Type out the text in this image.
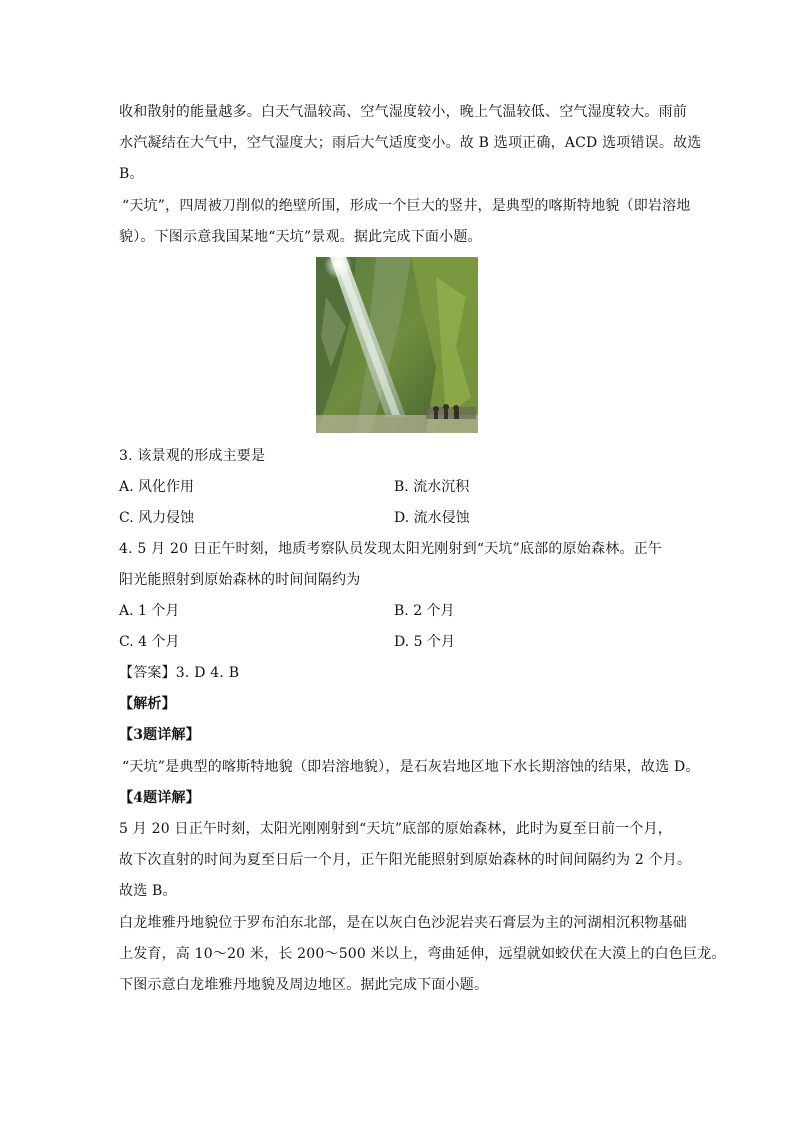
收和散射的能量越多。白天气温较高、空气湿度较小，晚上气温较低、空气湿度较大。雨前
水汽凝结在大气中，空气湿度大；雨后大气适度变小。故 B 选项正确，ACD 选项错误。故选
B。
“天坑”，四周被刀削似的绝壁所围，形成一个巨大的竖井，是典型的喀斯特地貌（即岩溶地
貌）。下图示意我国某地“天坑”景观。据此完成下面小题。
3. 该景观的形成主要是
A. 风化作用	B. 流水沉积
C. 风力侵蚀	D. 流水侵蚀
4. 5 月 20 日正午时刻，地质考察队员发现太阳光刚射到“天坑”底部的原始森林。正午
阳光能照射到原始森林的时间间隔约为
A. 1 个月	B. 2 个月
C. 4 个月	D. 5 个月
【答案】3. D 4. B
【解析】
【3题详解】
“天坑”是典型的喀斯特地貌（即岩溶地貌），是石灰岩地区地下水长期溶蚀的结果，故选 D。
【4题详解】
5 月 20 日正午时刻，太阳光刚刚射到“天坑”底部的原始森林，此时为夏至日前一个月，
故下次直射的时间为夏至日后一个月，正午阳光能照射到原始森林的时间间隔约为 2 个月。
故选 B。
白龙堆雅丹地貌位于罗布泊东北部，是在以灰白色沙泥岩夹石膏层为主的河湖相沉积物基础
上发育，高 10～20 米，长 200～500 米以上，弯曲延伸，远望就如蛟伏在大漠上的白色巨龙。
下图示意白龙堆雅丹地貌及周边地区。据此完成下面小题。
